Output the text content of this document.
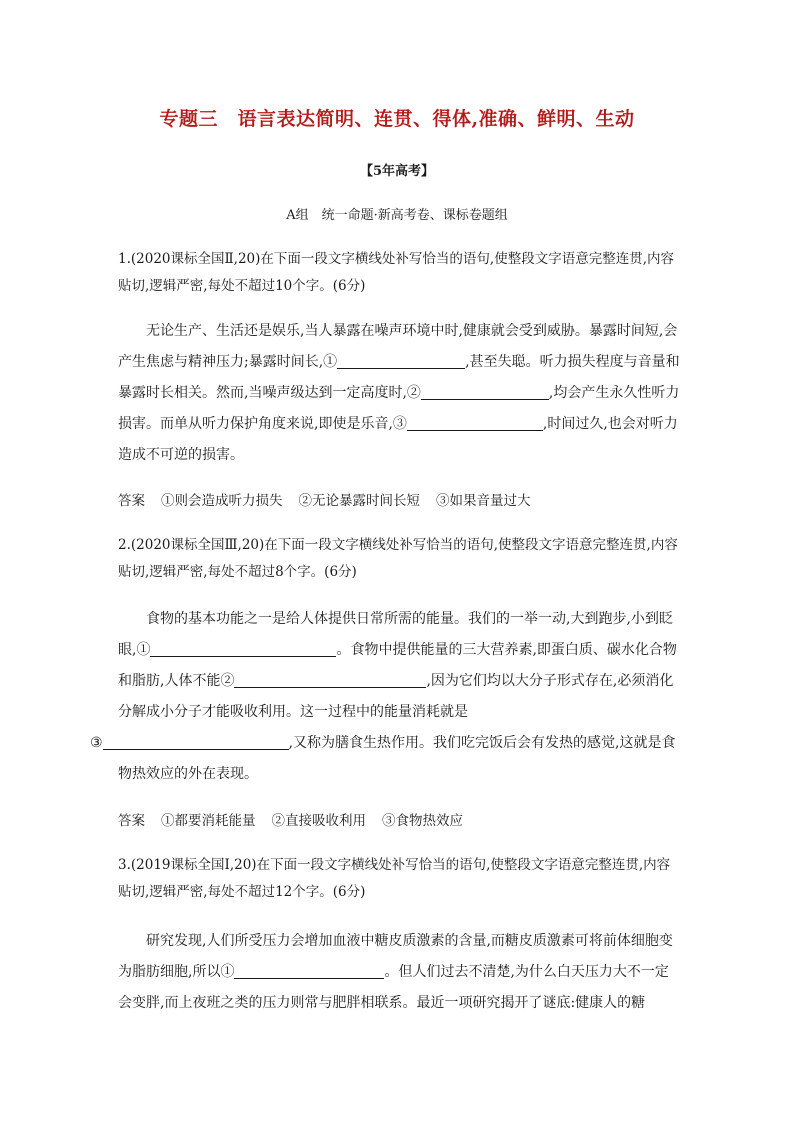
专题三　语言表达简明、连贯、得体,准确、鲜明、生动
【5年高考】
A组　统一命题·新高考卷、课标卷题组
1.(2020课标全国Ⅱ,20)在下面一段文字横线处补写恰当的语句,使整段文字语意完整连贯,内容贴切,逻辑严密,每处不超过10个字。(6分)
无论生产、生活还是娱乐,当人暴露在噪声环境中时,健康就会受到威胁。暴露时间短,会产生焦虑与精神压力;暴露时间长,①	,甚至失聪。听力损失程度与音量和暴露时长相关。然而,当噪声级达到一定高度时,②	,均会产生永久性听力损害。而单从听力保护角度来说,即使是乐音,③	,时间过久,也会对听力造成不可逆的损害。
答案 ①则会造成听力损失 ②无论暴露时间长短 ③如果音量过大
2.(2020课标全国Ⅲ,20)在下面一段文字横线处补写恰当的语句,使整段文字语意完整连贯,内容贴切,逻辑严密,每处不超过8个字。(6分)
食物的基本功能之一是给人体提供日常所需的能量。我们的一举一动,大到跑步,小到眨眼,①	。食物中提供能量的三大营养素,即蛋白质、碳水化合物和脂肪,人体不能②	,因为它们均以大分子形式存在,必须消化分解成小分子才能吸收利用。这一过程中的能量消耗就是
③	,又称为膳食生热作用。我们吃完饭后会有发热的感觉,这就是食物热效应的外在表现。
答案 ①都要消耗能量 ②直接吸收利用 ③食物热效应
3.(2019课标全国Ⅰ,20)在下面一段文字横线处补写恰当的语句,使整段文字语意完整连贯,内容贴切,逻辑严密,每处不超过12个字。(6分)
研究发现,人们所受压力会增加血液中糖皮质激素的含量,而糖皮质激素可将前体细胞变为脂肪细胞,所以①	。但人们过去不清楚,为什么白天压力大不一定会变胖,而上夜班之类的压力则常与肥胖相联系。最近一项研究揭开了谜底:健康人的糖
